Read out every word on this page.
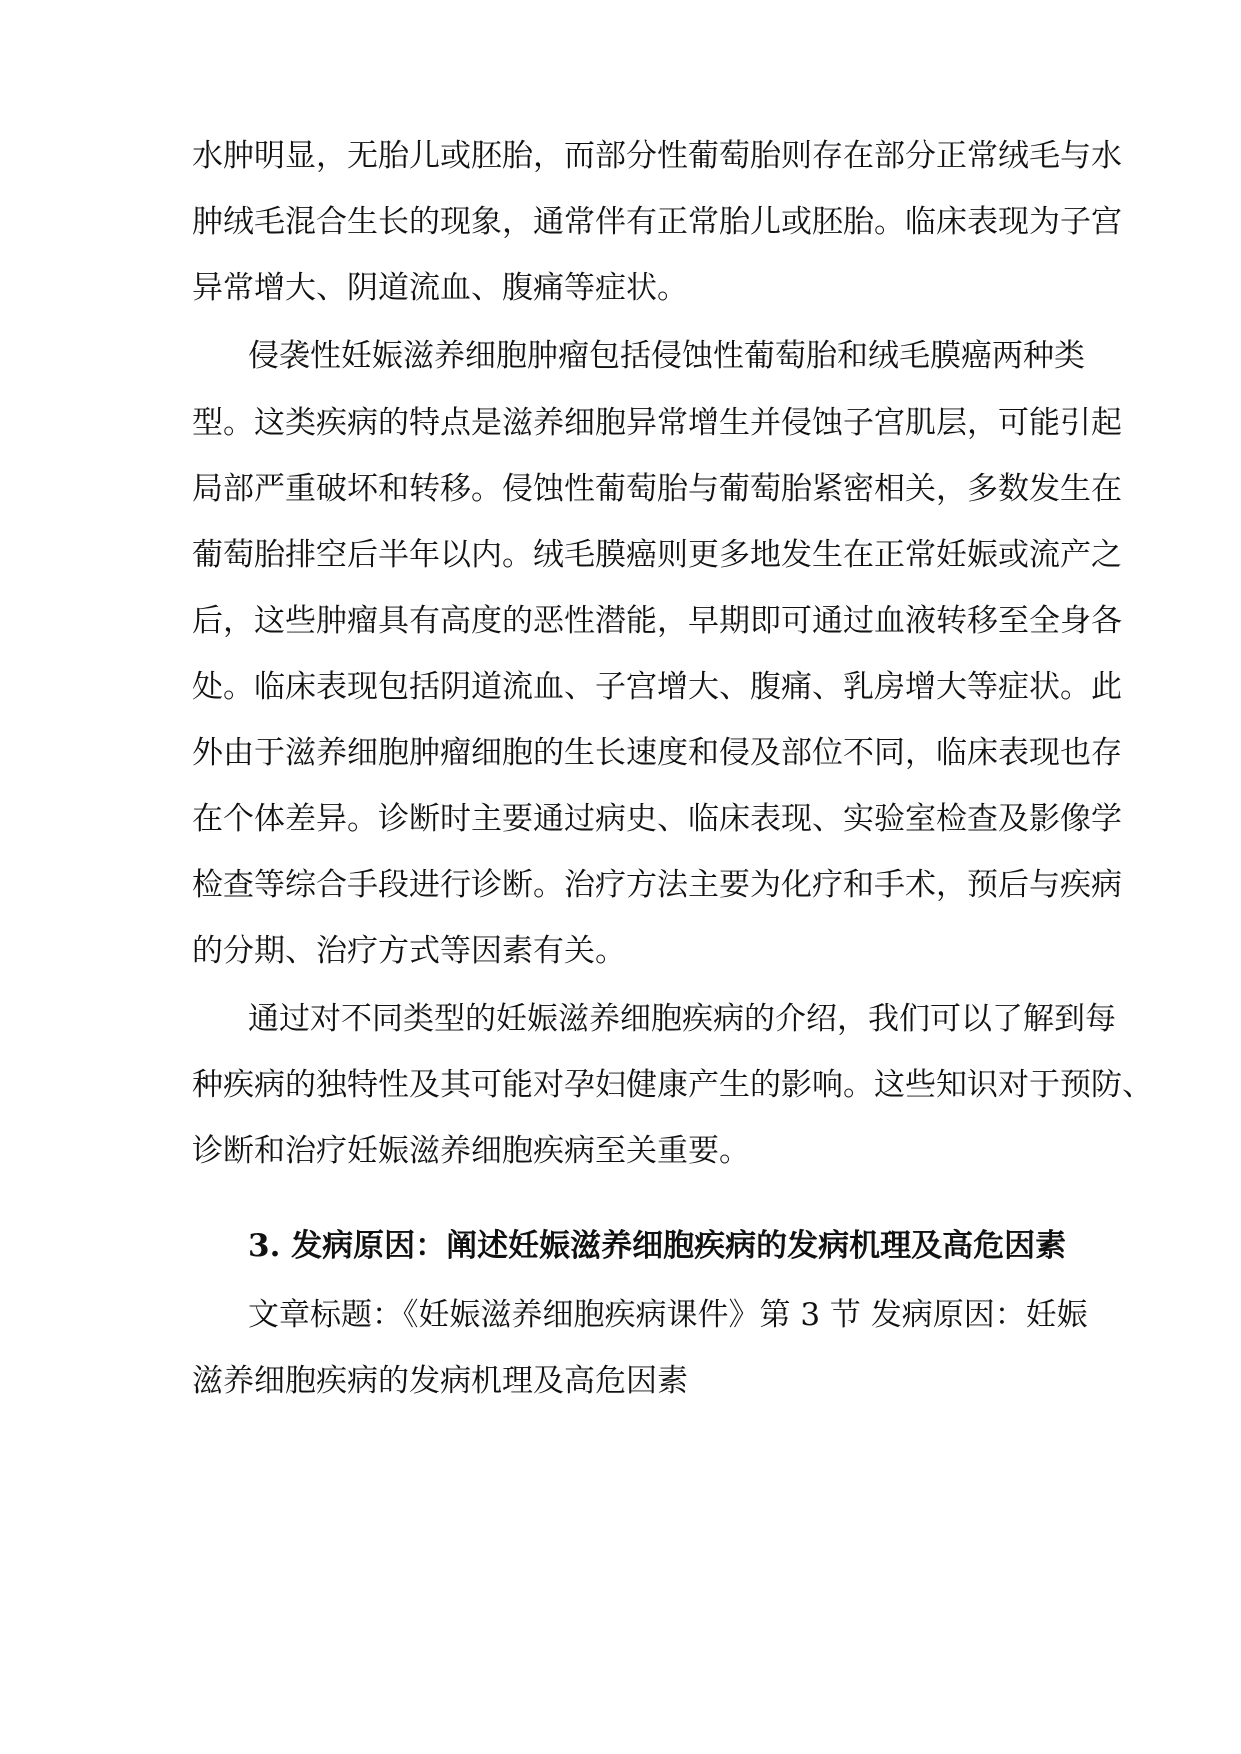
水肿明显，无胎儿或胚胎，而部分性葡萄胎则存在部分正常绒毛与水
肿绒毛混合生长的现象，通常伴有正常胎儿或胚胎。临床表现为子宫
异常增大、阴道流血、腹痛等症状。
侵袭性妊娠滋养细胞肿瘤包括侵蚀性葡萄胎和绒毛膜癌两种类
型。这类疾病的特点是滋养细胞异常增生并侵蚀子宫肌层，可能引起
局部严重破坏和转移。侵蚀性葡萄胎与葡萄胎紧密相关，多数发生在
葡萄胎排空后半年以内。绒毛膜癌则更多地发生在正常妊娠或流产之
后，这些肿瘤具有高度的恶性潜能，早期即可通过血液转移至全身各
处。临床表现包括阴道流血、子宫增大、腹痛、乳房增大等症状。此
外由于滋养细胞肿瘤细胞的生长速度和侵及部位不同，临床表现也存
在个体差异。诊断时主要通过病史、临床表现、实验室检查及影像学
检查等综合手段进行诊断。治疗方法主要为化疗和手术，预后与疾病
的分期、治疗方式等因素有关。
通过对不同类型的妊娠滋养细胞疾病的介绍，我们可以了解到每
种疾病的独特性及其可能对孕妇健康产生的影响。这些知识对于预防、
诊断和治疗妊娠滋养细胞疾病至关重要。
3. 发病原因：阐述妊娠滋养细胞疾病的发病机理及高危因素
文章标题：《妊娠滋养细胞疾病课件》第 3 节 发病原因：妊娠
滋养细胞疾病的发病机理及高危因素
